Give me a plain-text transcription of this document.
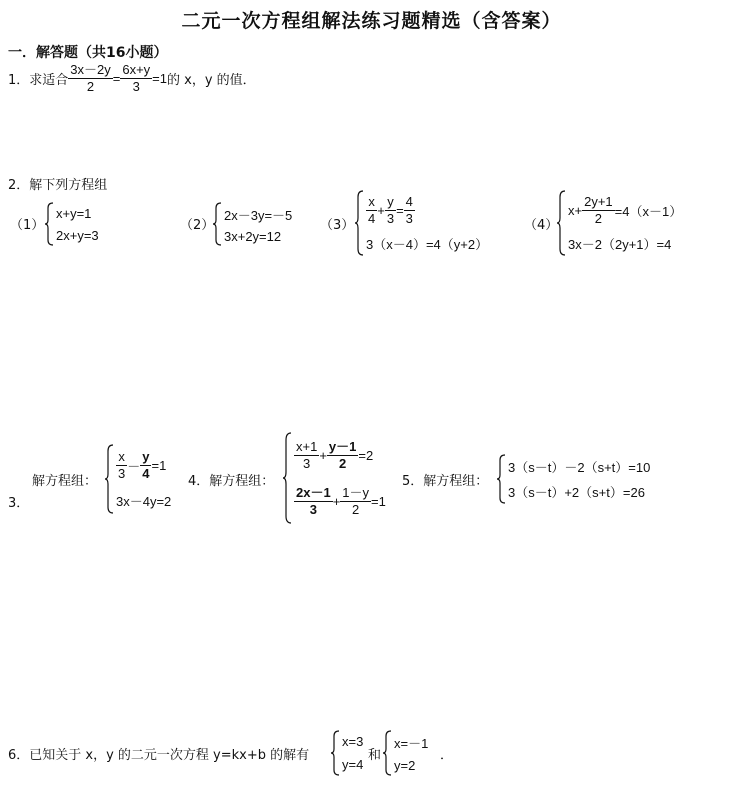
二元一次方程组解法练习题精选（含答案）
一．解答题（共16小题）
1．求适合 $\frac{3x-2y}{2} = \frac{6x+y}{3} =1$ 的 x，y 的值．
2．解下列方程组
（1）
x+y=1
2x+y=3
（2）
2x－3y=－5
3x+2y=12
$(3) \frac{x}{4} + \frac{y}{3} = \frac{4}{3}$
3（x－4）=4（y+2）
（4）
$x+ \frac{2y+1}{2} =4(x-1)$
3x－2（2y+1）=4
3．
解方程组： $\frac{x}{3} - \frac{y}{4} =1$
3x－4y=2
4．解方程组：
$\frac{x+1}{3} + \frac{y-1}{2} =2$
$\frac{2x-1}{3} + \frac{1-y}{2} =1$
5．解方程组：
3（s－t）－2（s+t）=10
3（s－t）+2（s+t）=26
6．已知关于 x，y 的二元一次方程 y=kx+b 的解有
x=3
y=4
和
x=－1
y=2
．
